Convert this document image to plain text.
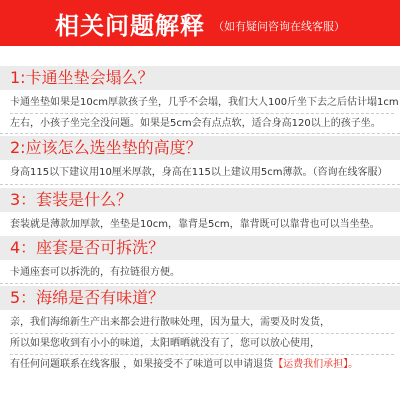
相关问题解释 （如有疑问咨询在线客服）
1:卡通坐垫会塌么？

卡通坐垫如果是10cm厚款孩子坐，几乎不会塌，我们大人100斤坐下去之后估计塌1cm

左右，小孩子坐完全没问题。如果是5cm会有点点软，适合身高120以上的孩子坐。

2:应该怎么选坐垫的高度？

身高115以下建议用10厘米厚款，身高在115以上建议用5cm薄款。（咨询在线客服）

3：套装是什么？

套装就是薄款加厚款，坐垫是10cm，靠背是5cm，靠背既可以靠背也可以当坐垫。

4：座套是否可拆洗？

卡通座套可以拆洗的，有拉链很方便。

5：海绵是否有味道？

亲，我们海绵新生产出来都会进行散味处理，因为量大，需要及时发货，

所以如果您收到有小小的味道，太阳晒晒就没有了，您可以放心使用，

有任何问题联系在线客服 ，如果接受不了味道可以申请退货【运费我们承担】。
